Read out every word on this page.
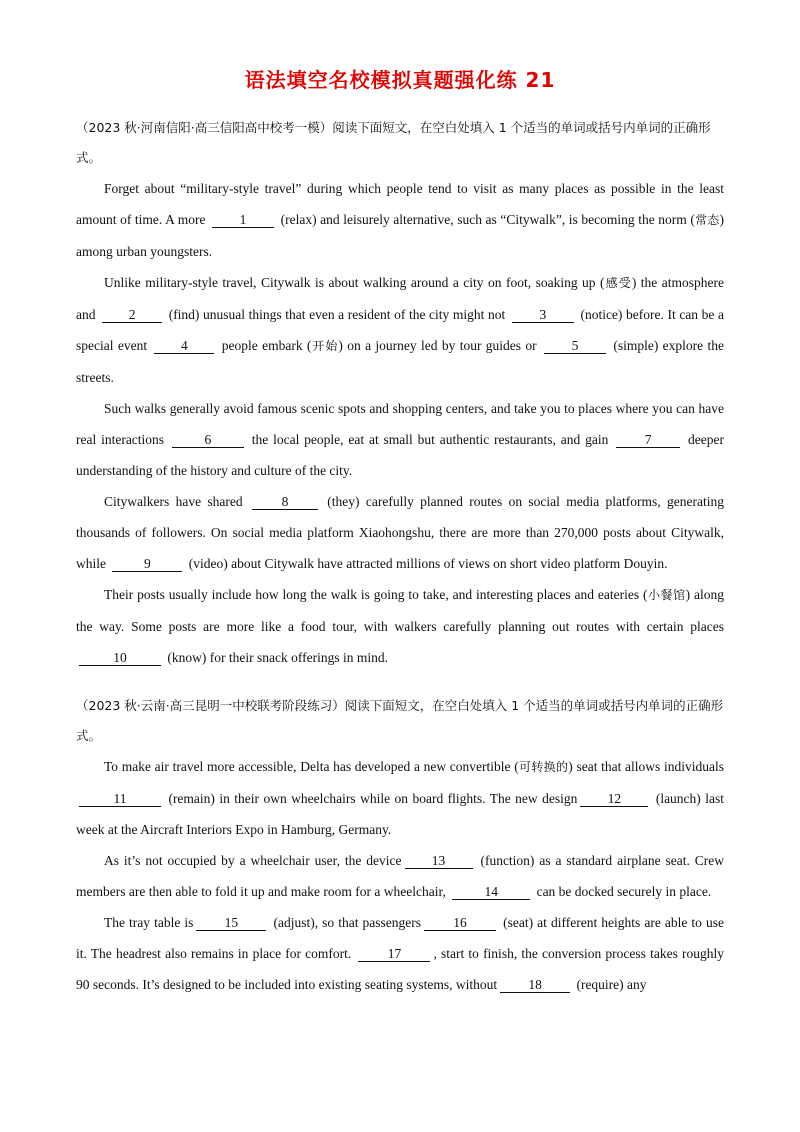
语法填空名校模拟真题强化练 21

（2023 秋·河南信阳·高三信阳高中校考一模）阅读下面短文，在空白处填入 1 个适当的单词或括号内单词的正确形式。

Forget about “military-style travel” during which people tend to visit as many places as possible in the least amount of time. A more 1 (relax) and leisurely alternative, such as “Citywalk”, is becoming the norm (常态) among urban youngsters.

Unlike military-style travel, Citywalk is about walking around a city on foot, soaking up (感受) the atmosphere and 2 (find) unusual things that even a resident of the city might not 3 (notice) before. It can be a special event 4 people embark (开始) on a journey led by tour guides or 5 (simple) explore the streets.

Such walks generally avoid famous scenic spots and shopping centers, and take you to places where you can have real interactions	6	the local people, eat at small but authentic restaurants, and gain 7 deeper understanding of the history and culture of the city.

Citywalkers have shared 8 (they) carefully planned routes on social media platforms, generating thousands of followers. On social media platform Xiaohongshu, there are more than 270,000 posts about Citywalk, while	9	(video) about Citywalk have attracted millions of views on short video platform Douyin.

Their posts usually include how long the walk is going to take, and interesting places and eateries (小餐馆) along the way. Some posts are more like a food tour, with walkers carefully planning out routes with certain places 10	(know) for their snack offerings in mind.

（2023 秋·云南·高三昆明一中校联考阶段练习）阅读下面短文，在空白处填入 1 个适当的单词或括号内单词的正确形式。

To make air travel more accessible, Delta has developed a new convertible (可转换的) seat that allows individuals11	(remain) in their own wheelchairs while on board flights. The new design 12 (launch) last week at the Aircraft Interiors Expo in Hamburg, Germany.

As it’s not occupied by a wheelchair user, the device 13 (function) as a standard airplane seat. Crew members are then able to fold it up and make room for a wheelchair,	14	can be docked securely in place.

The tray table is 15 (adjust), so that passengers 16 (seat) at different heights are able to use it. The headrest also remains in place for comfort. 17 , start to finish, the conversion process takes roughly 90 seconds. It’s designed to be included into existing seating systems, without 18 (require) any
